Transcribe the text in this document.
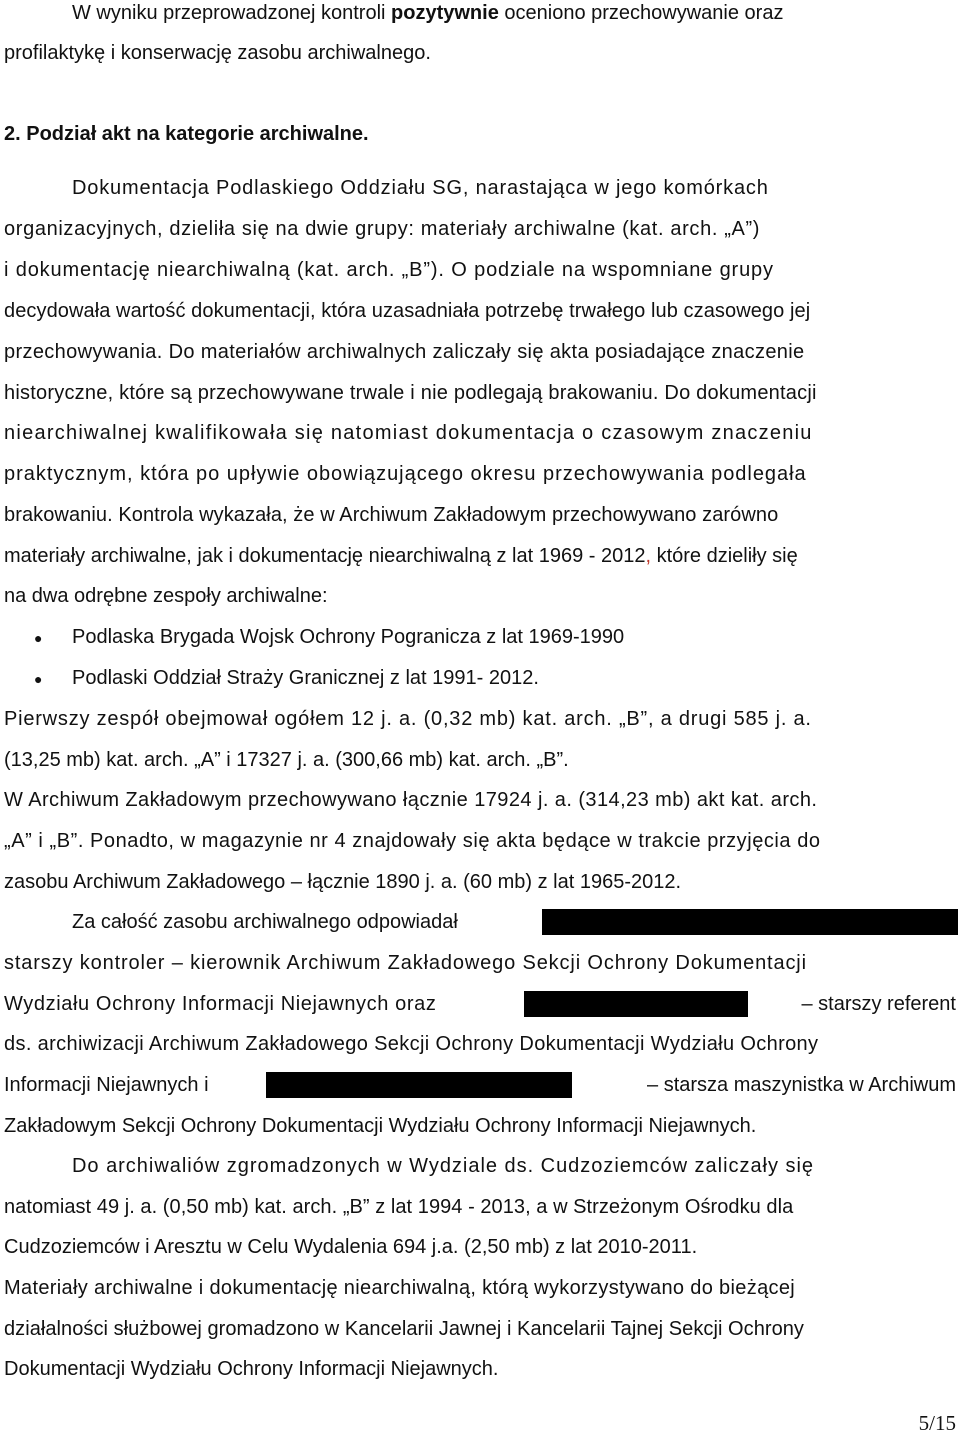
W wyniku przeprowadzonej kontroli pozytywnie oceniono przechowywanie oraz
profilaktykę i konserwację zasobu archiwalnego.
2. Podział akt na kategorie archiwalne.
Dokumentacja Podlaskiego Oddziału SG, narastająca w jego komórkach
organizacyjnych, dzieliła się na dwie grupy: materiały archiwalne (kat. arch. „A”)
i dokumentację niearchiwalną (kat. arch. „B”). O podziale na wspomniane grupy
decydowała wartość dokumentacji, która uzasadniała potrzebę trwałego lub czasowego jej
przechowywania. Do materiałów archiwalnych zaliczały się akta posiadające znaczenie
historyczne, które są przechowywane trwale i nie podlegają brakowaniu. Do dokumentacji
niearchiwalnej kwalifikowała się natomiast dokumentacja o czasowym znaczeniu
praktycznym, która po upływie obowiązującego okresu przechowywania podlegała
brakowaniu. Kontrola wykazała, że w Archiwum Zakładowym przechowywano zarówno
materiały archiwalne, jak i dokumentację niearchiwalną z lat 1969 - 2012, które dzieliły się
na dwa odrębne zespoły archiwalne:
● Podlaska Brygada Wojsk Ochrony Pogranicza z lat 1969-1990
● Podlaski Oddział Straży Granicznej z lat 1991- 2012.
Pierwszy zespół obejmował ogółem 12 j. a. (0,32 mb) kat. arch. „B”, a drugi 585 j. a.
(13,25 mb) kat. arch. „A” i 17327 j. a. (300,66 mb) kat. arch. „B”.
W Archiwum Zakładowym przechowywano łącznie 17924 j. a. (314,23 mb) akt kat. arch.
„A” i „B”. Ponadto, w magazynie nr 4 znajdowały się akta będące w trakcie przyjęcia do
zasobu Archiwum Zakładowego – łącznie 1890 j. a. (60 mb) z lat 1965-2012.
Za całość zasobu archiwalnego odpowiadał
starszy kontroler – kierownik Archiwum Zakładowego Sekcji Ochrony Dokumentacji
Wydziału Ochrony Informacji Niejawnych oraz	– starszy referent
ds. archiwizacji Archiwum Zakładowego Sekcji Ochrony Dokumentacji Wydziału Ochrony
Informacji Niejawnych i	– starsza maszynistka w Archiwum
Zakładowym Sekcji Ochrony Dokumentacji Wydziału Ochrony Informacji Niejawnych.
Do archiwaliów zgromadzonych w Wydziale ds. Cudzoziemców zaliczały się
natomiast 49 j. a. (0,50 mb) kat. arch. „B” z lat 1994 - 2013, a w Strzeżonym Ośrodku dla
Cudzoziemców i Aresztu w Celu Wydalenia 694 j.a. (2,50 mb) z lat 2010-2011.
Materiały archiwalne i dokumentację niearchiwalną, którą wykorzystywano do bieżącej
działalności służbowej gromadzono w Kancelarii Jawnej i Kancelarii Tajnej Sekcji Ochrony
Dokumentacji Wydziału Ochrony Informacji Niejawnych.
5/15
